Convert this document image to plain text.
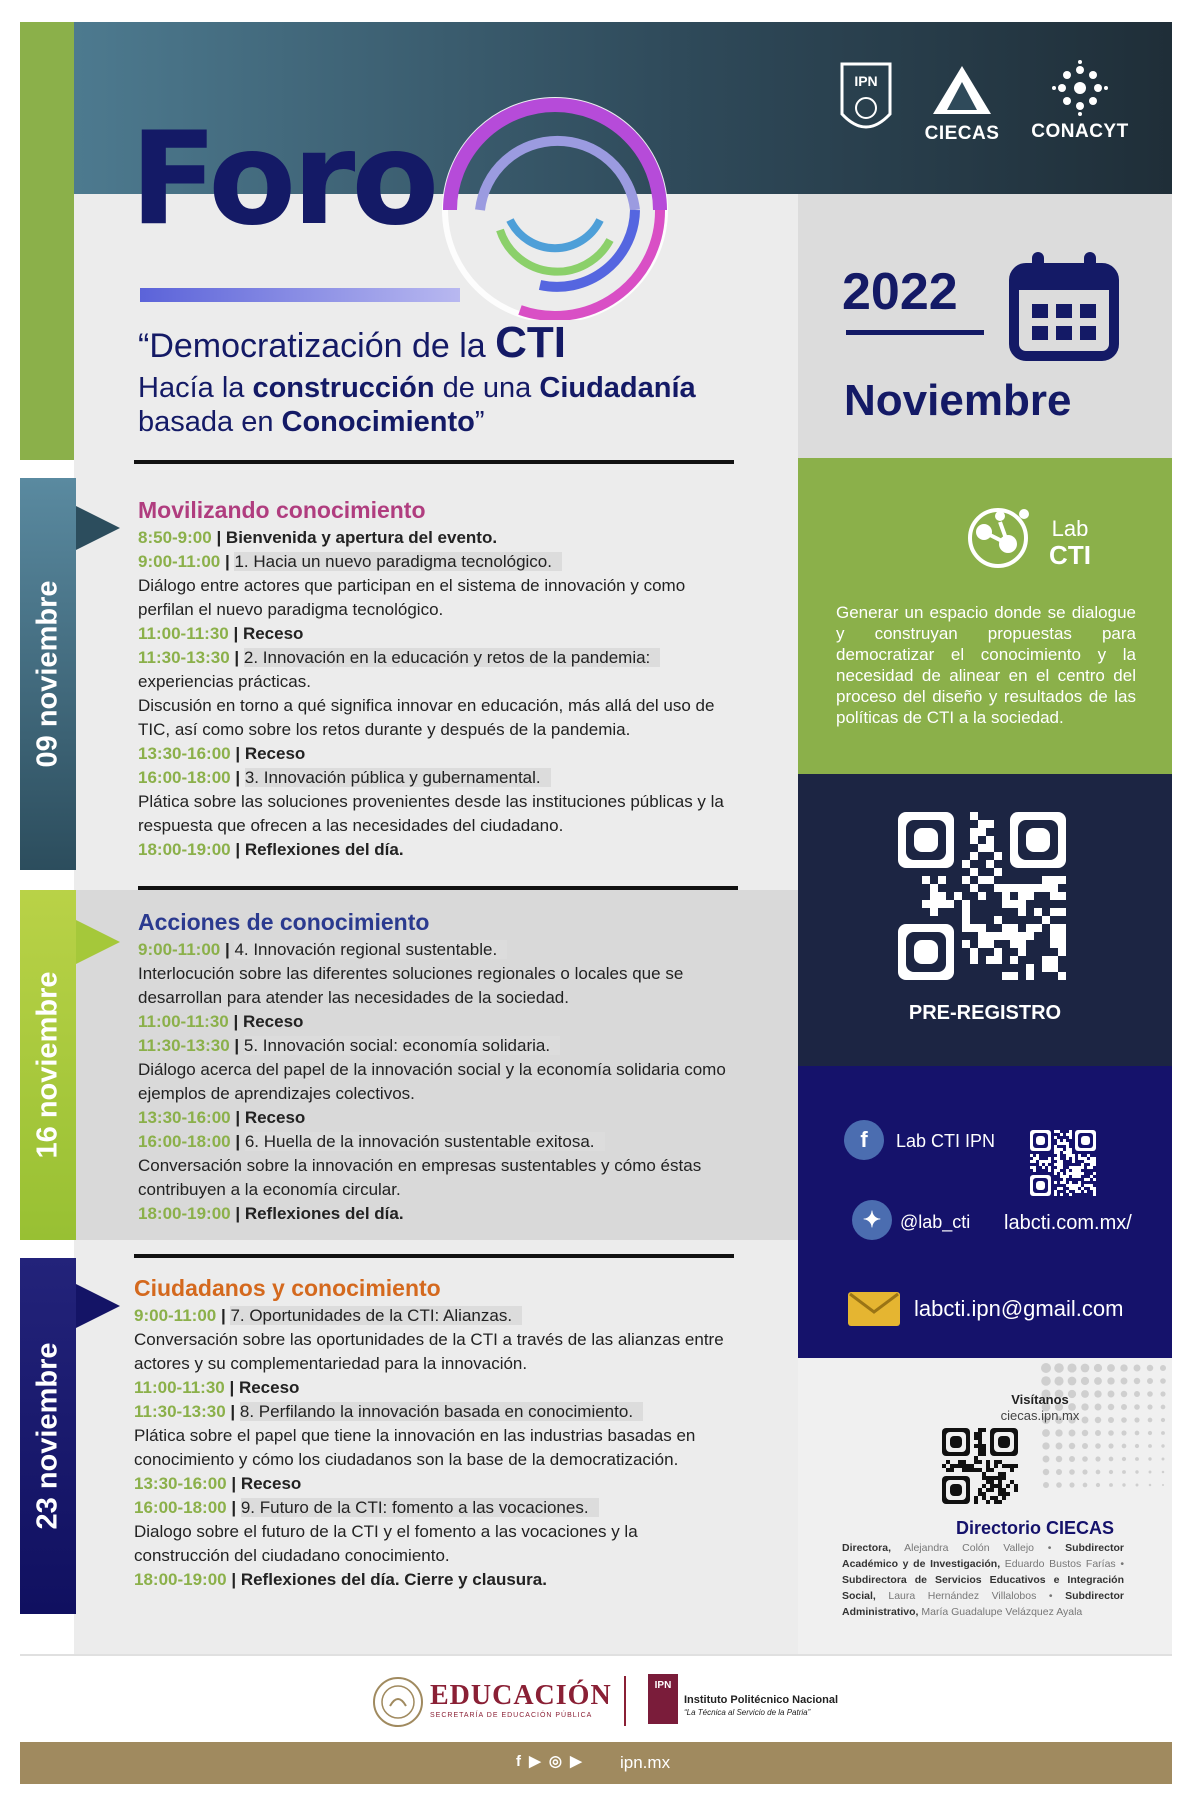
IPN
CIECAS	CONACYT
Foro
“Democratización de la CTI
Hacía la construcción de una Ciudadanía
basada en Conocimiento”
09 noviembre
16 noviembre
23 noviembre
Movilizando conocimiento
8:50-9:00 | Bienvenida y apertura del evento.
9:00-11:00 | 1. Hacia un nuevo paradigma tecnológico.
Diálogo entre actores que participan en el sistema de innovación y como perfilan el nuevo paradigma tecnológico.
11:00-11:30 | Receso
11:30-13:30 | 2. Innovación en la educación y retos de la pandemia:
experiencias prácticas.
Discusión en torno a qué significa innovar en educación, más allá del uso de TIC, así como sobre los retos durante y después de la pandemia.
13:30-16:00 | Receso
16:00-18:00 | 3. Innovación pública y gubernamental.
Plática sobre las soluciones provenientes desde las instituciones públicas y la respuesta que ofrecen a las necesidades del ciudadano.
18:00-19:00 | Reflexiones del día.
Acciones de conocimiento
9:00-11:00 | 4. Innovación regional sustentable.
Interlocución sobre las diferentes soluciones regionales o locales que se desarrollan para atender las necesidades de la sociedad.
11:00-11:30 | Receso
11:30-13:30 | 5. Innovación social: economía solidaria.
Diálogo acerca del papel de la innovación social y la economía solidaria como ejemplos de aprendizajes colectivos.
13:30-16:00 | Receso
16:00-18:00 | 6. Huella de la innovación sustentable exitosa.
Conversación sobre la innovación en empresas sustentables y cómo éstas contribuyen a la economía circular.
18:00-19:00 | Reflexiones del día.
Ciudadanos y conocimiento
9:00-11:00 | 7. Oportunidades de la CTI: Alianzas.
Conversación sobre las oportunidades de la CTI a través de las alianzas entre actores y su complementariedad para la innovación.
11:00-11:30 | Receso
11:30-13:30 | 8. Perfilando la innovación basada en conocimiento.
Plática sobre el papel que tiene la innovación en las industrias basadas en conocimiento y cómo los ciudadanos son la base de la democratización.
13:30-16:00 | Receso
16:00-18:00 | 9. Futuro de la CTI: fomento a las vocaciones.
Dialogo sobre el futuro de la CTI y el fomento a las vocaciones y la construcción del ciudadano conocimiento.
18:00-19:00 | Reflexiones del día. Cierre y clausura.
2022
Noviembre
Lab
CTI
Generar un espacio donde se dialogue y construyan propuestas para democratizar el conocimiento y la necesidad de alinear en el centro del proceso del diseño y resultados de las políticas de CTI a la sociedad.
PRE-REGISTRO
f	Lab CTI IPN
✦	@lab_cti labcti.com.mx/
labcti.ipn@gmail.com
Visítanos
ciecas.ipn.mx
Directorio CIECAS
Directora, Alejandra Colón Vallejo • Subdirector Académico y de Investigación, Eduardo Bustos Farías • Subdirectora de Servicios Educativos e Integración Social, Laura Hernández Villalobos • Subdirector Administrativo, María Guadalupe Velázquez Ayala
EDUCACIÓN
SECRETARÍA DE EDUCACIÓN PÚBLICA
IPN
Instituto Politécnico Nacional
“La Técnica al Servicio de la Patria”
f ▶ ◎ ▶ ipn.mx
